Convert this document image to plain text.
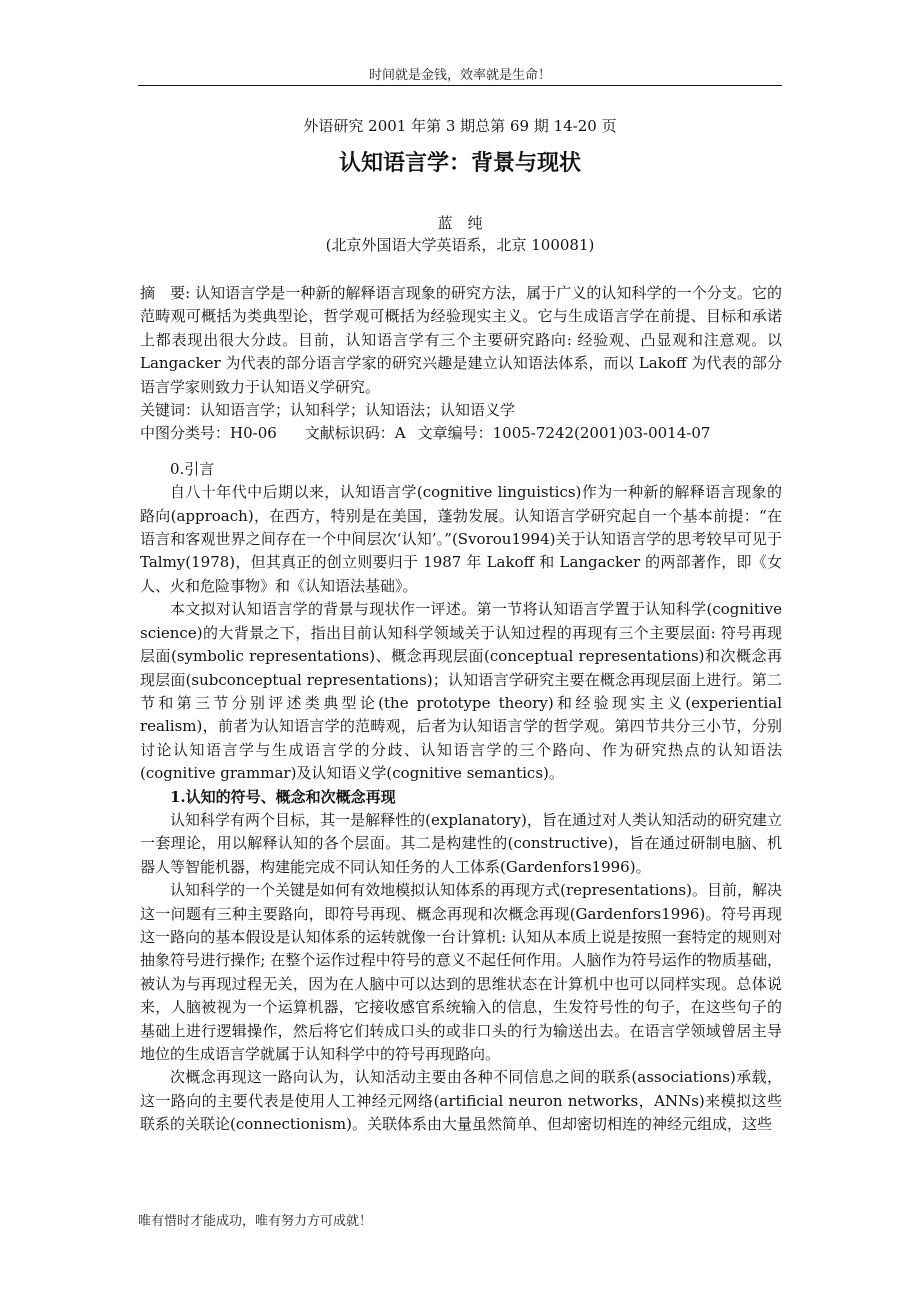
时间就是金钱，效率就是生命！

外语研究 2001 年第 3 期总第 69 期 14-20 页
认知语言学：背景与现状
蓝　纯
(北京外国语大学英语系，北京 100081)

摘　要: 认知语言学是一种新的解释语言现象的研究方法，属于广义的认知科学的一个分支。它的范畴观可概括为类典型论，哲学观可概括为经验现实主义。它与生成语言学在前提、目标和承诺上都表现出很大分歧。目前，认知语言学有三个主要研究路向: 经验观、凸显观和注意观。以 Langacker 为代表的部分语言学家的研究兴趣是建立认知语法体系，而以 Lakoff 为代表的部分语言学家则致力于认知语义学研究。

关键词：认知语言学；认知科学；认知语法；认知语义学

中图分类号：H0-06 文献标识码：A 文章编号：1005-7242(2001)03-0014-07

0.引言

自八十年代中后期以来，认知语言学(cognitive linguistics)作为一种新的解释语言现象的路向(approach)，在西方，特别是在美国，蓬勃发展。认知语言学研究起自一个基本前提：“在语言和客观世界之间存在一个中间层次‘认知’。”(Svorou1994)关于认知语言学的思考较早可见于 Talmy(1978)，但其真正的创立则要归于 1987 年 Lakoff 和 Langacker 的两部著作，即《女人、火和危险事物》和《认知语法基础》。

本文拟对认知语言学的背景与现状作一评述。第一节将认知语言学置于认知科学(cognitive science)的大背景之下，指出目前认知科学领域关于认知过程的再现有三个主要层面: 符号再现层面(symbolic representations)、概念再现层面(conceptual representations)和次概念再现层面(subconceptual representations)；认知语言学研究主要在概念再现层面上进行。第二节和第三节分别评述类典型论(the prototype theory)和经验现实主义(experiential realism)，前者为认知语言学的范畴观，后者为认知语言学的哲学观。第四节共分三小节，分别讨论认知语言学与生成语言学的分歧、认知语言学的三个路向、作为研究热点的认知语法(cognitive grammar)及认知语义学(cognitive semantics)。

1.认知的符号、概念和次概念再现

认知科学有两个目标，其一是解释性的(explanatory)，旨在通过对人类认知活动的研究建立一套理论，用以解释认知的各个层面。其二是构建性的(constructive)，旨在通过研制电脑、机器人等智能机器，构建能完成不同认知任务的人工体系(Gardenfors1996)。

认知科学的一个关键是如何有效地模拟认知体系的再现方式(representations)。目前，解决这一问题有三种主要路向，即符号再现、概念再现和次概念再现(Gardenfors1996)。符号再现这一路向的基本假设是认知体系的运转就像一台计算机: 认知从本质上说是按照一套特定的规则对抽象符号进行操作; 在整个运作过程中符号的意义不起任何作用。人脑作为符号运作的物质基础，被认为与再现过程无关，因为在人脑中可以达到的思维状态在计算机中也可以同样实现。总体说来，人脑被视为一个运算机器，它接收感官系统输入的信息，生发符号性的句子，在这些句子的基础上进行逻辑操作，然后将它们转成口头的或非口头的行为输送出去。在语言学领域曾居主导地位的生成语言学就属于认知科学中的符号再现路向。

次概念再现这一路向认为，认知活动主要由各种不同信息之间的联系(associations)承载，这一路向的主要代表是使用人工神经元网络(artificial neuron networks，ANNs)来模拟这些联系的关联论(connectionism)。关联体系由大量虽然简单、但却密切相连的神经元组成，这些

唯有惜时才能成功，唯有努力方可成就！
